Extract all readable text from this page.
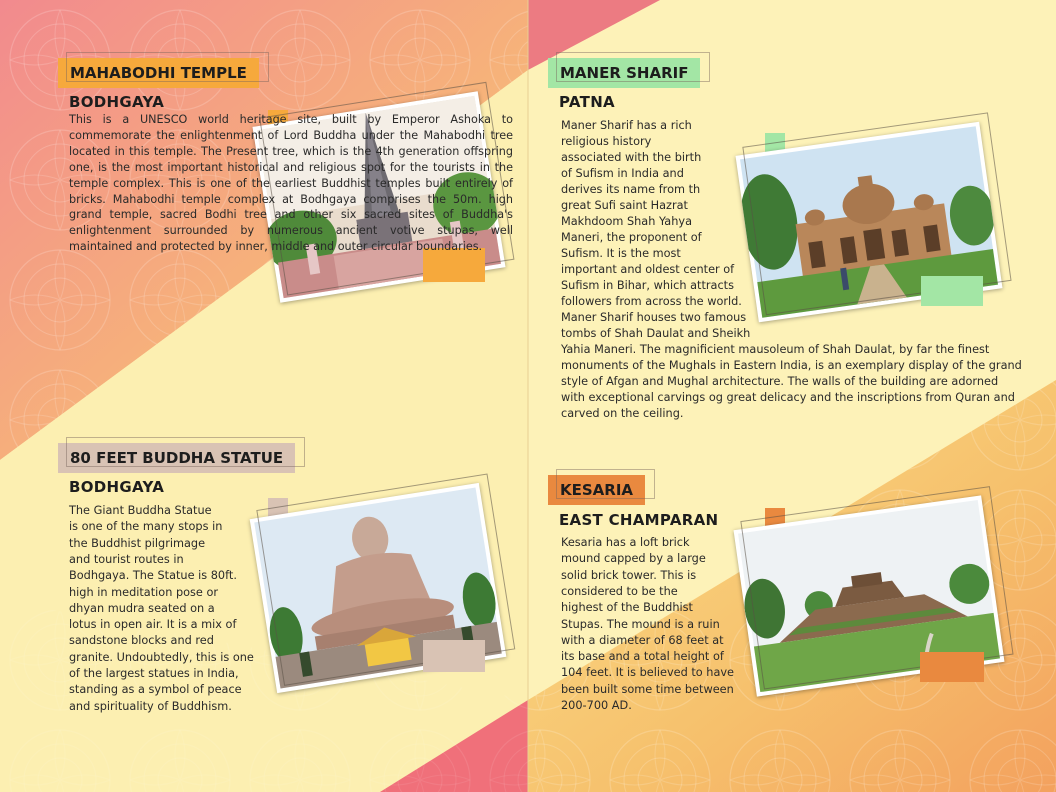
MAHABODHI TEMPLE
BODHGAYA

This is a UNESCO world heritage site, built by Emperor Ashoka to commemorate the enlightenment of Lord Buddha under the Mahabodhi tree located in this temple. The Present tree, which is the 4th generation offspring one, is the most important historical and religious spot for the tourists in the temple complex. This is one of the earliest Buddhist temples built entirely of bricks. Mahabodhi temple complex at Bodhgaya comprises the 50m. high grand temple, sacred Bodhi tree and other six sacred sites of Buddha's enlightenment surrounded by numerous ancient votive stupas, well maintained and protected by inner, middle and outer circular boundaries.

MANER SHARIF
PATNA
Maner Sharif has a rich
religious history
associated with the birth
of Sufism in India and
derives its name from th
great Sufi saint Hazrat
Makhdoom Shah Yahya
Maneri, the proponent of
Sufism. It is the most
important and oldest center of
Sufism in Bihar, which attracts
followers from across the world.
Maner Sharif houses two famous
tombs of Shah Daulat and Sheikh
Yahia Maneri. The magnificient mausoleum of Shah Daulat, by far the finest
monuments of the Mughals in Eastern India, is an exemplary display of the grand
style of Afgan and Mughal architecture. The walls of the building are adorned
with exceptional carvings og great delicacy and the inscriptions from Quran and
carved on the ceiling.
80 FEET BUDDHA STATUE
BODHGAYA
The Giant Buddha Statue
is one of the many stops in
the Buddhist pilgrimage
and tourist routes in
Bodhgaya. The Statue is 80ft.
high in meditation pose or
dhyan mudra seated on a
lotus in open air. It is a mix of
sandstone blocks and red
granite. Undoubtedly, this is one
of the largest statues in India,
standing as a symbol of peace
and spirituality of Buddhism.
KESARIA
EAST CHAMPARAN
Kesaria has a loft brick
mound capped by a large
solid brick tower. This is
considered to be the
highest of the Buddhist
Stupas. The mound is a ruin
with a diameter of 68 feet at
its base and a total height of
104 feet. It is believed to have
been built some time between
200-700 AD.
